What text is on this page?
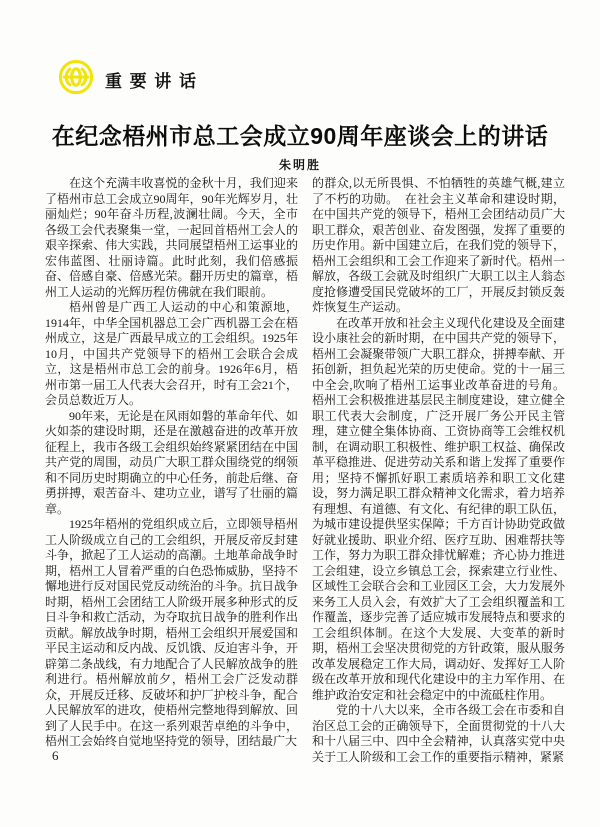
重要讲话
在纪念梧州市总工会成立90周年座谈会上的讲话
朱明胜

在这个充满丰收喜悦的金秋十月，我们迎来了梧州市总工会成立90周年，90年光辉岁月，壮丽灿烂；90年奋斗历程,波澜壮阔。今天，全市各级工会代表聚集一堂，一起回首梧州工会人的艰辛探索、伟大实践，共同展望梧州工运事业的宏伟蓝图、壮丽诗篇。此时此刻，我们倍感振奋、倍感自豪、倍感光荣。翻开历史的篇章，梧州工人运动的光辉历程仿佛就在我们眼前。

梧州曾是广西工人运动的中心和策源地，1914年，中华全国机器总工会广西机器工会在梧州成立，这是广西最早成立的工会组织。1925年10月，中国共产党领导下的梧州工会联合会成立，这是梧州市总工会的前身。1926年6月，梧州市第一届工人代表大会召开，时有工会21个，会员总数近万人。

90年来，无论是在风雨如磐的革命年代、如火如荼的建设时期，还是在激越奋进的改革开放征程上，我市各级工会组织始终紧紧团结在中国共产党的周围，动员广大职工群众围绕党的纲领和不同历史时期确立的中心任务，前赴后继、奋勇拼搏，艰苦奋斗、建功立业，谱写了壮丽的篇章。

1925年梧州的党组织成立后，立即领导梧州工人阶级成立自己的工会组织，开展反帝反封建斗争，掀起了工人运动的高潮。土地革命战争时期，梧州工人冒着严重的白色恐怖威胁，坚持不懈地进行反对国民党反动统治的斗争。抗日战争时期，梧州工会团结工人阶级开展多种形式的反日斗争和救亡活动，为夺取抗日战争的胜利作出贡献。解放战争时期，梧州工会组织开展爱国和平民主运动和反内战、反饥饿、反迫害斗争，开辟第二条战线，有力地配合了人民解放战争的胜利进行。梧州解放前夕，梧州工会广泛发动群众，开展反迁移、反破坏和护厂护校斗争，配合人民解放军的进攻，使梧州完整地得到解放、回到了人民手中。在这一系列艰苦卓绝的斗争中，梧州工会始终自觉地坚持党的领导，团结最广大

的群众,以无所畏惧、不怕牺牲的英雄气概,建立了不朽的功勋。　在社会主义革命和建设时期，在中国共产党的领导下，梧州工会团结动员广大职工群众，艰苦创业、奋发图强，发挥了重要的历史作用。新中国建立后，在我们党的领导下，梧州工会组织和工会工作迎来了新时代。梧州一解放，各级工会就及时组织广大职工以主人翁态度抢修遭受国民党破坏的工厂，开展反封锁反轰炸恢复生产运动。

在改革开放和社会主义现代化建设及全面建设小康社会的新时期，在中国共产党的领导下，梧州工会凝聚带领广大职工群众，拼搏奉献、开拓创新，担负起光荣的历史使命。党的十一届三中全会,吹响了梧州工运事业改革奋进的号角。梧州工会积极推进基层民主制度建设，建立健全职工代表大会制度，广泛开展厂务公开民主管理，建立健全集体协商、工资协商等工会维权机制，在调动职工积极性、维护职工权益、确保改革平稳推进、促进劳动关系和谐上发挥了重要作用；坚持不懈抓好职工素质培养和职工文化建设，努力满足职工群众精神文化需求，着力培养有理想、有道德、有文化、有纪律的职工队伍，为城市建设提供坚实保障；千方百计协助党政做好就业援助、职业介绍、医疗互助、困难帮扶等工作，努力为职工群众排忧解难；齐心协力推进工会组建，设立乡镇总工会，探索建立行业性、区域性工会联合会和工业园区工会，大力发展外来务工人员入会，有效扩大了工会组织覆盖和工作覆盖，逐步完善了适应城市发展特点和要求的工会组织体制。在这个大发展、大变革的新时期，梧州工会坚决贯彻党的方针政策，服从服务改革发展稳定工作大局，调动好、发挥好工人阶级在改革开放和现代化建设中的主力军作用、在维护政治安定和社会稳定中的中流砥柱作用。

党的十八大以来，全市各级工会在市委和自治区总工会的正确领导下，全面贯彻党的十八大和十八届三中、四中全会精神，认真落实党中央关于工人阶级和工会工作的重要指示精神，紧紧

6
